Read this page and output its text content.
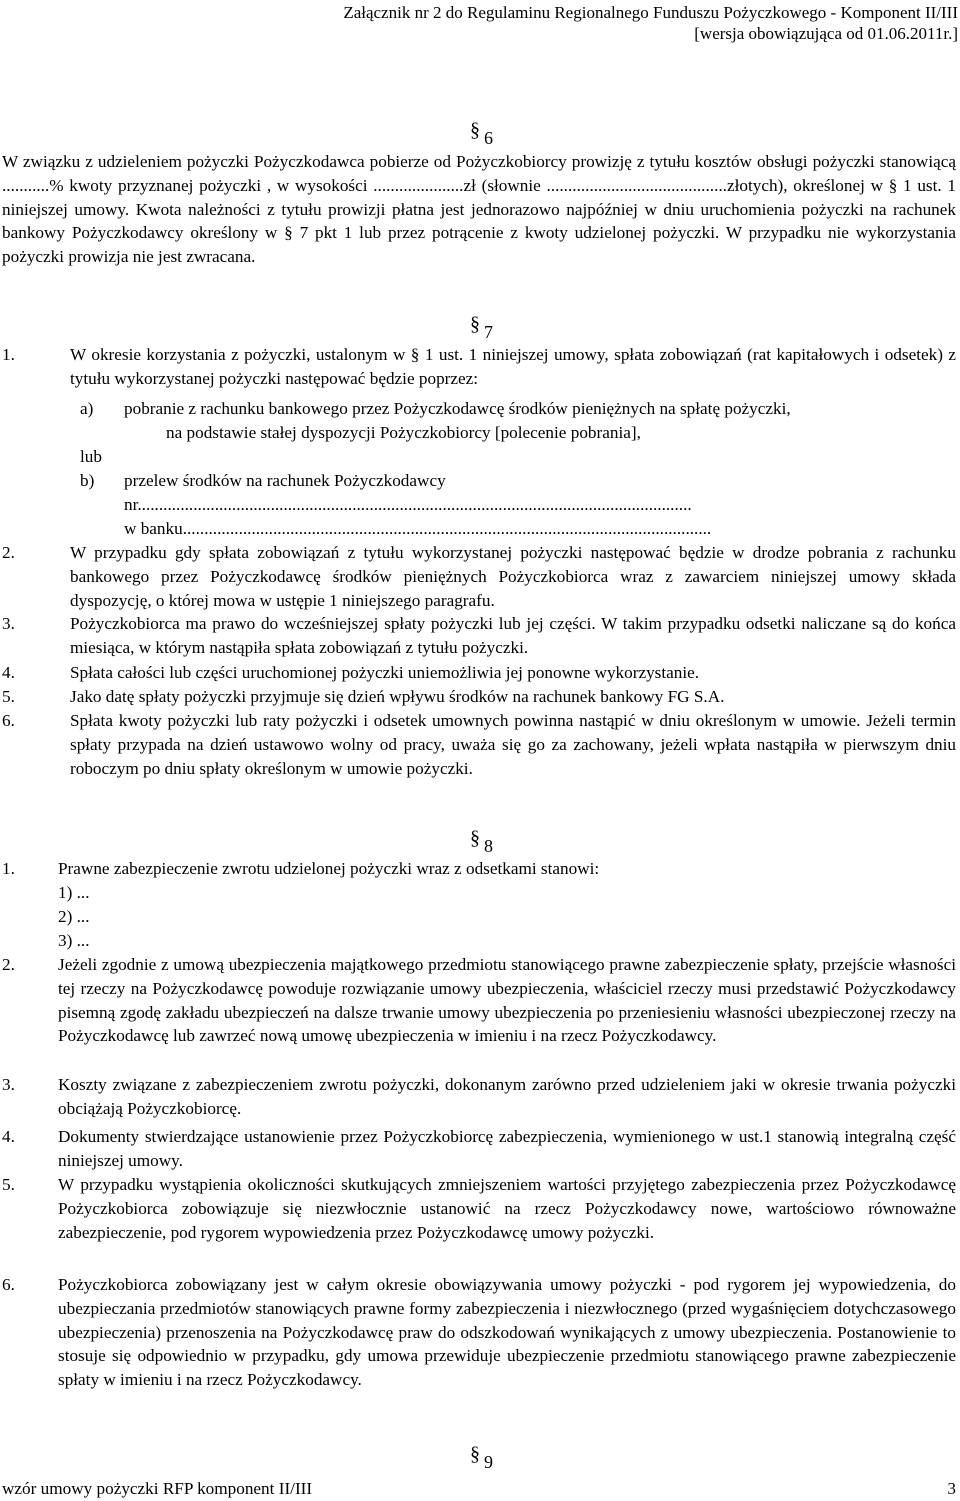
Załącznik nr 2 do Regulaminu Regionalnego Funduszu Pożyczkowego - Komponent II/III
[wersja obowiązująca od 01.06.2011r.]
§ 6
W związku z udzieleniem pożyczki Pożyczkodawca pobierze od Pożyczkobiorcy prowizję z tytułu kosztów obsługi pożyczki stanowiącą ...........% kwoty przyznanej pożyczki , w wysokości .....................zł (słownie ..........................................złotych), określonej w § 1 ust. 1 niniejszej umowy. Kwota należności z tytułu prowizji płatna jest jednorazowo najpóźniej w dniu uruchomienia pożyczki na rachunek bankowy Pożyczkodawcy określony w § 7 pkt 1 lub przez potrącenie z kwoty udzielonej pożyczki. W przypadku nie wykorzystania pożyczki prowizja nie jest zwracana.
§ 7
1.	W okresie korzystania z pożyczki, ustalonym w § 1 ust. 1 niniejszej umowy, spłata zobowiązań (rat kapitałowych i odsetek) z tytułu wykorzystanej pożyczki następować będzie poprzez:
a) pobranie z rachunku bankowego przez Pożyczkodawcę środków pieniężnych na spłatę pożyczki,
na podstawie stałej dyspozycji Pożyczkobiorcy [polecenie pobrania],
lub
b) przelew środków na rachunek Pożyczkodawcy
nr.................................................................................................................................
w banku...........................................................................................................................
2.	W przypadku gdy spłata zobowiązań z tytułu wykorzystanej pożyczki następować będzie w drodze pobrania z rachunku bankowego przez Pożyczkodawcę środków pieniężnych Pożyczkobiorca wraz z zawarciem niniejszej umowy składa dyspozycję, o której mowa w ustępie 1 niniejszego paragrafu.
3.	Pożyczkobiorca ma prawo do wcześniejszej spłaty pożyczki lub jej części. W takim przypadku odsetki naliczane są do końca miesiąca, w którym nastąpiła spłata zobowiązań z tytułu pożyczki.
4.	Spłata całości lub części uruchomionej pożyczki uniemożliwia jej ponowne wykorzystanie.
5.	Jako datę spłaty pożyczki przyjmuje się dzień wpływu środków na rachunek bankowy FG S.A.
6.	Spłata kwoty pożyczki lub raty pożyczki i odsetek umownych powinna nastąpić w dniu określonym w umowie. Jeżeli termin spłaty przypada na dzień ustawowo wolny od pracy, uważa się go za zachowany, jeżeli wpłata nastąpiła w pierwszym dniu roboczym po dniu spłaty określonym w umowie pożyczki.
§ 8
1.	Prawne zabezpieczenie zwrotu udzielonej pożyczki wraz z odsetkami stanowi:
1) ...
2) ...
3) ...
2.	Jeżeli zgodnie z umową ubezpieczenia majątkowego przedmiotu stanowiącego prawne zabezpieczenie spłaty, przejście własności tej rzeczy na Pożyczkodawcę powoduje rozwiązanie umowy ubezpieczenia, właściciel rzeczy musi przedstawić Pożyczkodawcy pisemną zgodę zakładu ubezpieczeń na dalsze trwanie umowy ubezpieczenia po przeniesieniu własności ubezpieczonej rzeczy na Pożyczkodawcę lub zawrzeć nową umowę ubezpieczenia w imieniu i na rzecz Pożyczkodawcy.
3.	Koszty związane z zabezpieczeniem zwrotu pożyczki, dokonanym zarówno przed udzieleniem jaki w okresie trwania pożyczki obciążają Pożyczkobiorcę.
4.	Dokumenty stwierdzające ustanowienie przez Pożyczkobiorcę zabezpieczenia, wymienionego w ust.1 stanowią integralną część niniejszej umowy.
5.	W przypadku wystąpienia okoliczności skutkujących zmniejszeniem wartości przyjętego zabezpieczenia przez Pożyczkodawcę Pożyczkobiorca zobowiązuje się niezwłocznie ustanowić na rzecz Pożyczkodawcy nowe, wartościowo równoważne zabezpieczenie, pod rygorem wypowiedzenia przez Pożyczkodawcę umowy pożyczki.
6.	Pożyczkobiorca zobowiązany jest w całym okresie obowiązywania umowy pożyczki - pod rygorem jej wypowiedzenia, do ubezpieczania przedmiotów stanowiących prawne formy zabezpieczenia i niezwłocznego (przed wygaśnięciem dotychczasowego ubezpieczenia) przenoszenia na Pożyczkodawcę praw do odszkodowań wynikających z umowy ubezpieczenia. Postanowienie to stosuje się odpowiednio w przypadku, gdy umowa przewiduje ubezpieczenie przedmiotu stanowiącego prawne zabezpieczenie spłaty w imieniu i na rzecz Pożyczkodawcy.
§ 9
wzór umowy pożyczki RFP komponent II/III	3
